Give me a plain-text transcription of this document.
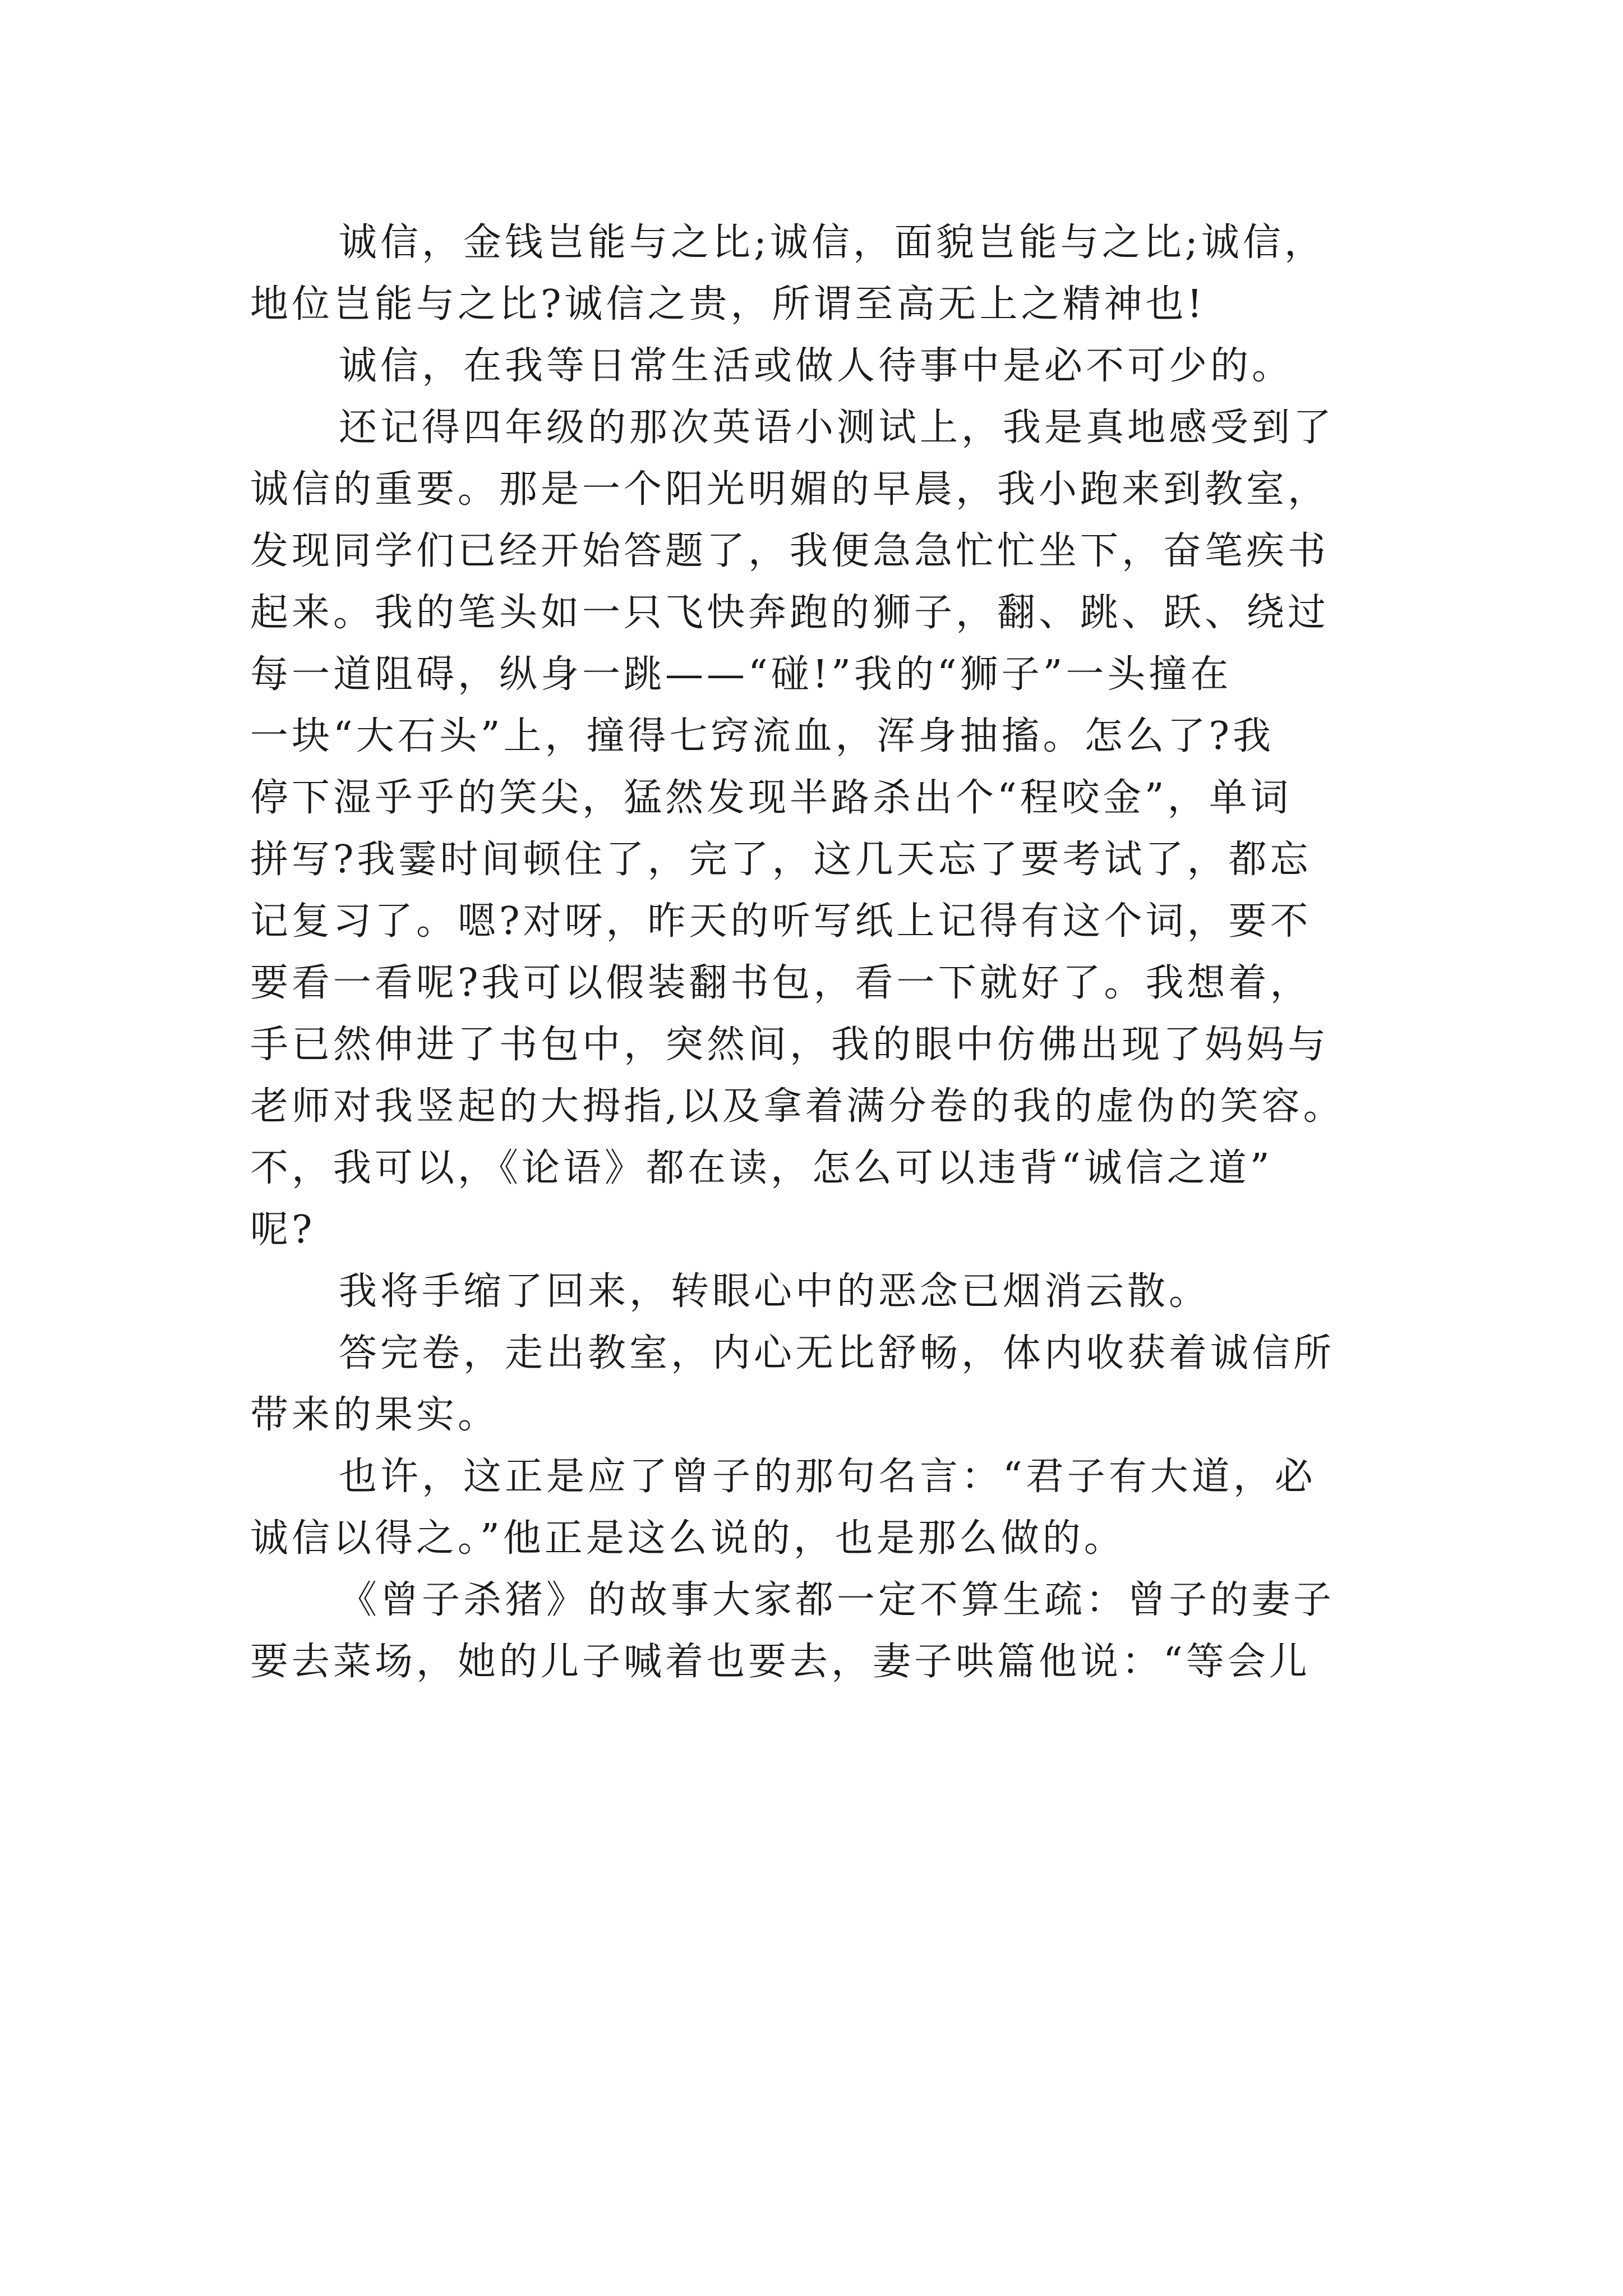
诚信，金钱岂能与之比;诚信，面貌岂能与之比;诚信，
地位岂能与之比?诚信之贵，所谓至高无上之精神也!

诚信，在我等日常生活或做人待事中是必不可少的。

还记得四年级的那次英语小测试上，我是真地感受到了
诚信的重要。那是一个阳光明媚的早晨，我小跑来到教室，
发现同学们已经开始答题了，我便急急忙忙坐下，奋笔疾书
起来。我的笔头如一只飞快奔跑的狮子，翻、跳、跃、绕过
每一道阻碍，纵身一跳——“碰!”我的“狮子”一头撞在
一块“大石头”上，撞得七窍流血，浑身抽搐。怎么了?我
停下湿乎乎的笑尖，猛然发现半路杀出个“程咬金”，单词
拼写?我霎时间顿住了，完了，这几天忘了要考试了，都忘
记复习了。嗯?对呀，昨天的听写纸上记得有这个词，要不
要看一看呢?我可以假装翻书包，看一下就好了。我想着，
手已然伸进了书包中，突然间，我的眼中仿佛出现了妈妈与
老师对我竖起的大拇指,以及拿着满分卷的我的虚伪的笑容。
不，我可以，《论语》都在读，怎么可以违背“诚信之道”
呢?

我将手缩了回来，转眼心中的恶念已烟消云散。

答完卷，走出教室，内心无比舒畅，体内收获着诚信所
带来的果实。

也许，这正是应了曾子的那句名言：“君子有大道，必
诚信以得之。”他正是这么说的，也是那么做的。

《曾子杀猪》的故事大家都一定不算生疏：曾子的妻子
要去菜场，她的儿子喊着也要去，妻子哄篇他说：“等会儿
